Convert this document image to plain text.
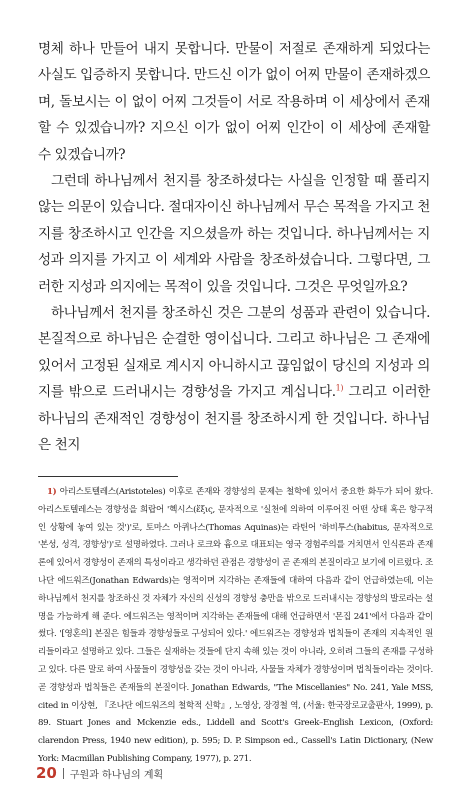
명체 하나 만들어 내지 못합니다. 만물이 저절로 존재하게 되었다는 사실도 입증하지 못합니다. 만드신 이가 없이 어찌 만물이 존재하겠으며, 돌보시는 이 없이 어찌 그것들이 서로 작용하며 이 세상에서 존재할 수 있겠습니까? 지으신 이가 없이 어찌 인간이 이 세상에 존재할 수 있겠습니까?

그런데 하나님께서 천지를 창조하셨다는 사실을 인정할 때 풀리지 않는 의문이 있습니다. 절대자이신 하나님께서 무슨 목적을 가지고 천지를 창조하시고 인간을 지으셨을까 하는 것입니다. 하나님께서는 지성과 의지를 가지고 이 세계와 사람을 창조하셨습니다. 그렇다면, 그러한 지성과 의지에는 목적이 있을 것입니다. 그것은 무엇일까요?

하나님께서 천지를 창조하신 것은 그분의 성품과 관련이 있습니다. 본질적으로 하나님은 순결한 영이십니다. 그리고 하나님은 그 존재에 있어서 고정된 실재로 계시지 아니하시고 끊임없이 당신의 지성과 의지를 밖으로 드러내시는 경향성을 가지고 계십니다.$^{1)}$ 그리고 이러한 하나님의 존재적인 경향성이 천지를 창조하시게 한 것입니다. 하나님은 천지

1) 아리스토텔레스(Aristoteles) 이후로 존재와 경향성의 문제는 철학에 있어서 중요한 화두가 되어 왔다. 아리스토텔레스는 경향성을 희랍어 '헥시스(ἕξις, 문자적으로 '실천에 의하여 이루어진 어떤 상태 혹은 항구적인 상황에 놓여 있는 것')'로, 토마스 아퀴나스(Thomas Aquinas)는 라틴어 '하비투스(habitus, 문자적으로 '본성, 성격, 경향성')'로 설명하였다. 그러나 로크와 흄으로 대표되는 영국 경험주의를 거치면서 인식론과 존재론에 있어서 경향성이 존재의 특성이라고 생각하던 관점은 경향성이 곧 존재의 본질이라고 보기에 이르렀다. 조나단 에드워즈(Jonathan Edwards)는 영적이며 지각하는 존재들에 대하여 다음과 같이 언급하였는데, 이는 하나님께서 천지를 창조하신 것 자체가 자신의 신성의 경향성 충만을 밖으로 드러내시는 경향성의 발로라는 설명을 가능하게 해 준다. 에드워즈는 영적이며 지각하는 존재들에 대해 언급하면서 '몬집 241'에서 다음과 같이 썼다. '[영혼의] 본질은 힘들과 경향성들로 구성되어 있다.' 에드워즈는 경향성과 법칙들이 존재의 지속적인 원리들이라고 설명하고 있다. 그들은 실재하는 것들에 단지 속해 있는 것이 아니라, 오히려 그들의 존재를 구성하고 있다. 다른 말로 하여 사물들이 경향성을 갖는 것이 아니라, 사물들 자체가 경향성이며 법칙들이라는 것이다. 곧 경향성과 법칙들은 존재들의 본질이다. Jonathan Edwards, "The Miscellanies" No. 241, Yale MSS, cited in 이상현, 『조나단 에드워즈의 철학적 신학』, 노영상, 장경철 역, (서울: 한국장로교출판사, 1999), p. 89. Stuart Jones and Mckenzie eds., Liddell and Scott's Greek–English Lexicon, (Oxford: clarendon Press, 1940 new edition), p. 595; D. P. Simpson ed., Cassell's Latin Dictionary, (New York: Macmillan Publishing Company, 1977), p. 271.

20 구원과 하나님의 계획
